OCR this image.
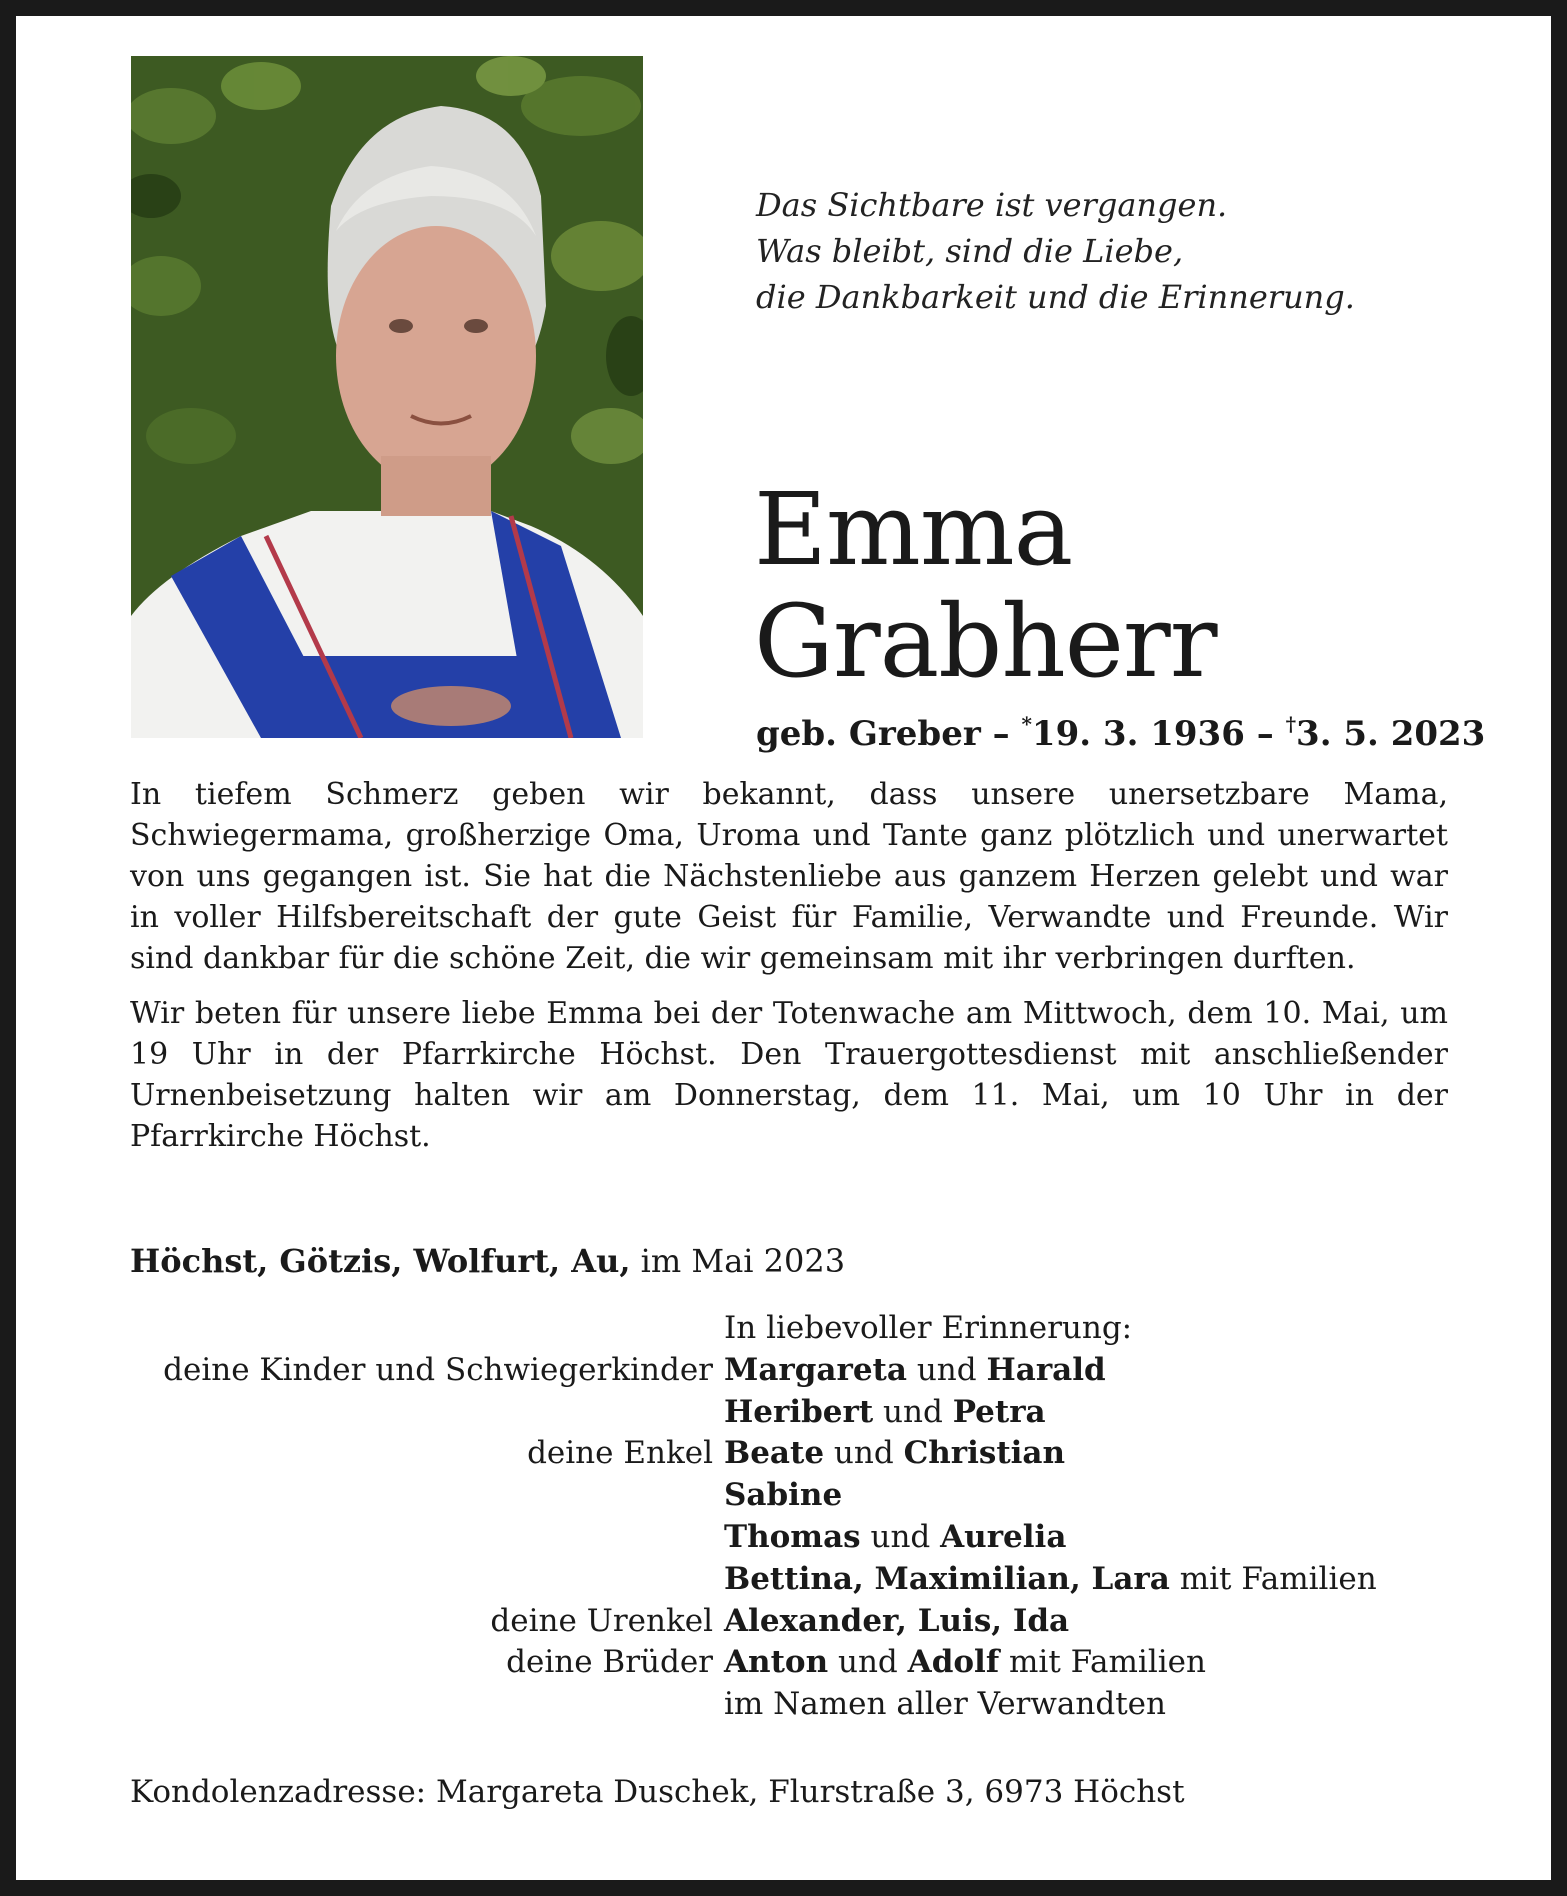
Das Sichtbare ist vergangen.
Was bleibt, sind die Liebe,
die Dankbarkeit und die Erinnerung.
Emma
Grabherr
geb. Greber – *19. 3. 1936 – †3. 5. 2023

In tiefem Schmerz geben wir bekannt, dass unsere unersetzbare Mama, Schwiegermama, großherzige Oma, Uroma und Tante ganz plötzlich und unerwartet von uns gegangen ist. Sie hat die Nächstenliebe aus ganzem Herzen gelebt und war in voller Hilfsbereitschaft der gute Geist für Familie, Verwandte und Freunde. Wir sind dankbar für die schöne Zeit, die wir gemeinsam mit ihr verbringen durften.

Wir beten für unsere liebe Emma bei der Totenwache am Mittwoch, dem 10. Mai, um 19 Uhr in der Pfarrkirche Höchst. Den Trauergottesdienst mit anschließender Urnenbeisetzung halten wir am Donnerstag, dem 11. Mai, um 10 Uhr in der Pfarrkirche Höchst.

Höchst, Götzis, Wolfurt, Au, im Mai 2023
In liebevoller Erinnerung:
deine Kinder und Schwiegerkinder Margareta und Harald
Heribert und Petra
deine Enkel Beate und Christian
Sabine
Thomas und Aurelia
Bettina, Maximilian, Lara mit Familien
deine Urenkel Alexander, Luis, Ida
deine Brüder Anton und Adolf mit Familien
im Namen aller Verwandten
Kondolenzadresse: Margareta Duschek, Flurstraße 3, 6973 Höchst
